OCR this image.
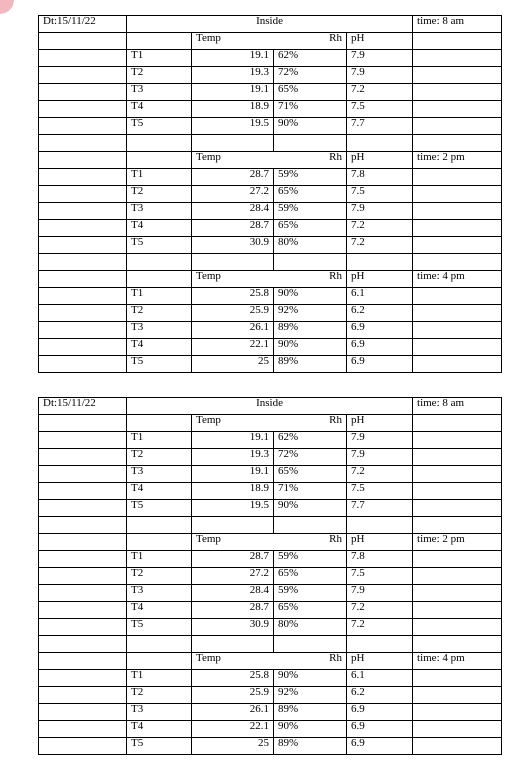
Dt:15/11/22	Inside				time: 8 am

		Temp Rh		pH	
	T1	19.1	62%	7.9	
	T2	19.3	72%	7.9	
	T3	19.1	65%	7.2	
	T4	18.9	71%	7.5	
	T5	19.5	90%	7.7	

		Temp Rh		pH	time: 2 pm
	T1	28.7	59%	7.8	
	T2	27.2	65%	7.5	
	T3	28.4	59%	7.9	
	T4	28.7	65%	7.2	
	T5	30.9	80%	7.2	

		Temp Rh		pH	time: 4 pm
	T1	25.8	90%	6.1	
	T2	25.9	92%	6.2	
	T3	26.1	89%	6.9	
	T4	22.1	90%	6.9	
	T5	25	89%	6.9	
Dt:15/11/22	Inside				time: 8 am

		Temp Rh		pH	
	T1	19.1	62%	7.9	
	T2	19.3	72%	7.9	
	T3	19.1	65%	7.2	
	T4	18.9	71%	7.5	
	T5	19.5	90%	7.7	

		Temp Rh		pH	time: 2 pm
	T1	28.7	59%	7.8	
	T2	27.2	65%	7.5	
	T3	28.4	59%	7.9	
	T4	28.7	65%	7.2	
	T5	30.9	80%	7.2	

		Temp Rh		pH	time: 4 pm
	T1	25.8	90%	6.1	
	T2	25.9	92%	6.2	
	T3	26.1	89%	6.9	
	T4	22.1	90%	6.9	
	T5	25	89%	6.9	
